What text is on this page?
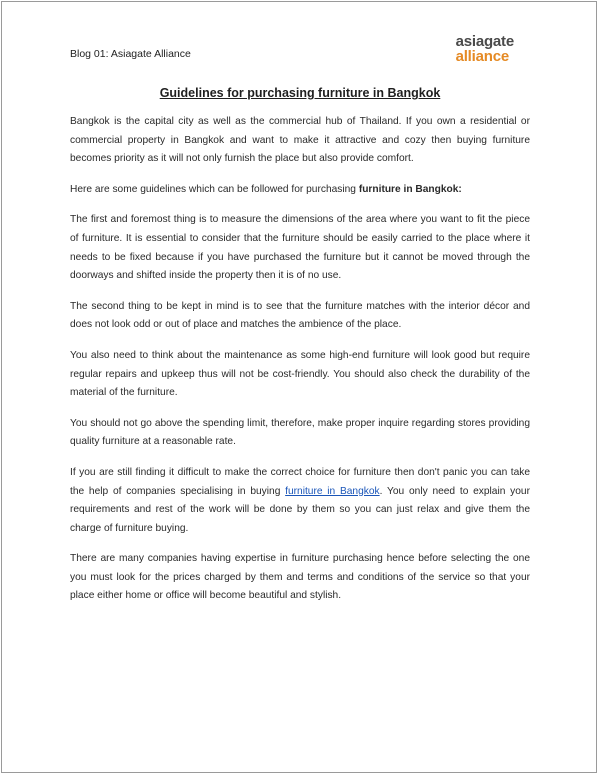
Blog 01: Asiagate Alliance
asiagate
alliance
Guidelines for purchasing furniture in Bangkok

Bangkok is the capital city as well as the commercial hub of Thailand. If you own a residential or commercial property in Bangkok and want to make it attractive and cozy then buying furniture becomes priority as it will not only furnish the place but also provide comfort.

Here are some guidelines which can be followed for purchasing furniture in Bangkok:

The first and foremost thing is to measure the dimensions of the area where you want to fit the piece of furniture. It is essential to consider that the furniture should be easily carried to the place where it needs to be fixed because if you have purchased the furniture but it cannot be moved through the doorways and shifted inside the property then it is of no use.

The second thing to be kept in mind is to see that the furniture matches with the interior décor and does not look odd or out of place and matches the ambience of the place.

You also need to think about the maintenance as some high-end furniture will look good but require regular repairs and upkeep thus will not be cost-friendly. You should also check the durability of the material of the furniture.

You should not go above the spending limit, therefore, make proper inquire regarding stores providing quality furniture at a reasonable rate.

If you are still finding it difficult to make the correct choice for furniture then don't panic you can take the help of companies specialising in buying furniture in Bangkok. You only need to explain your requirements and rest of the work will be done by them so you can just relax and give them the charge of furniture buying.

There are many companies having expertise in furniture purchasing hence before selecting the one you must look for the prices charged by them and terms and conditions of the service so that your place either home or office will become beautiful and stylish.
